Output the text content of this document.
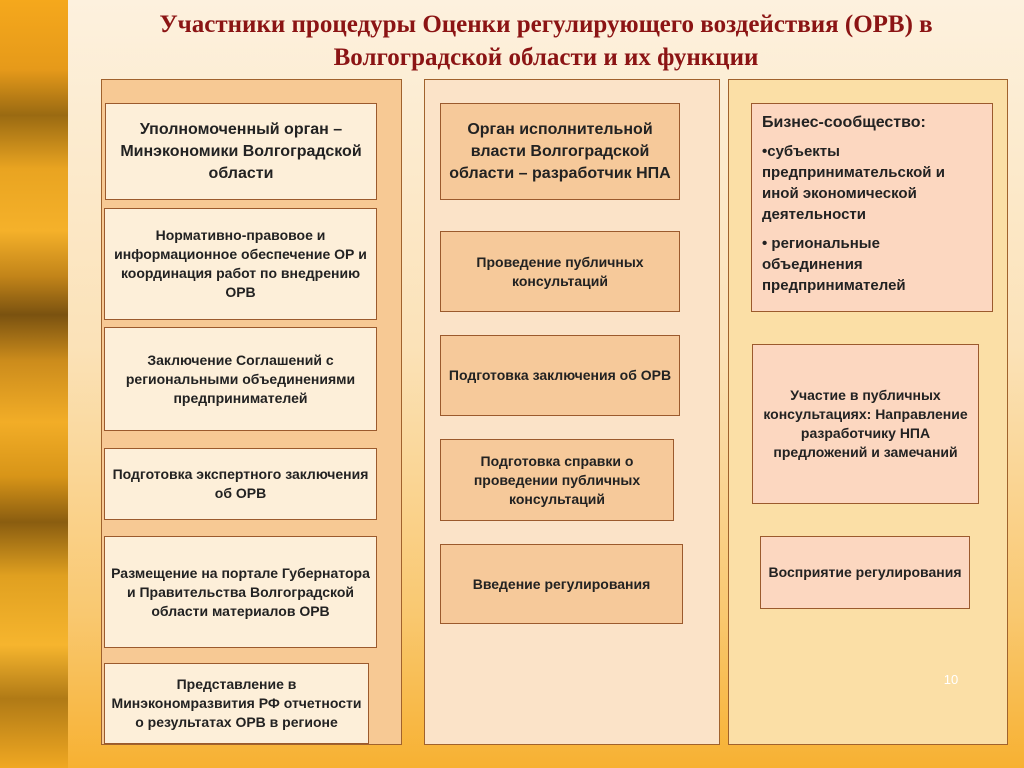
Участники процедуры Оценки регулирующего воздействия (ОРВ) в
Волгоградской области и их функции
Уполномоченный орган – Минэкономики Волгоградской области
Нормативно-правовое и информационное обеспечение ОР и координация работ по внедрению ОРВ
Заключение Соглашений с региональными объединениями предпринимателей
Подготовка экспертного заключения об ОРВ
Размещение на портале Губернатора и Правительства Волгоградской области материалов ОРВ
Представление в Минэкономразвития РФ отчетности о результатах ОРВ в регионе
Орган исполнительной власти Волгоградской области – разработчик НПА
Проведение публичных консультаций
Подготовка заключения об ОРВ
Подготовка справки о проведении публичных консультаций
Введение регулирования

Бизнес-сообщество:

•субъекты предпринимательской и иной экономической деятельности

• региональные объединения предпринимателей

Участие в публичных консультациях: Направление разработчику НПА предложений и замечаний
Восприятие регулирования
10
